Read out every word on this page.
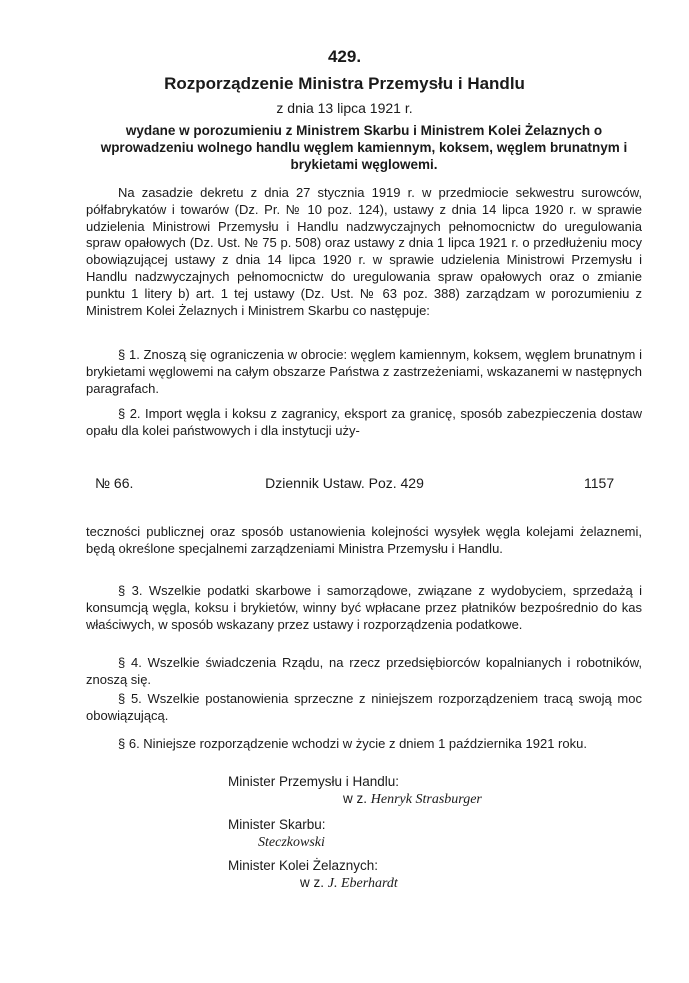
429.
Rozporządzenie Ministra Przemysłu i Handlu
z dnia 13 lipca 1921 r.
wydane w porozumieniu z Ministrem Skarbu i Ministrem Kolei Żelaznych o wprowadzeniu wolnego handlu węglem kamiennym, koksem, węglem brunatnym i brykietami węglowemi.

Na zasadzie dekretu z dnia 27 stycznia 1919 r. w przedmiocie sekwestru surowców, półfabrykatów i towarów (Dz. Pr. № 10 poz. 124), ustawy z dnia 14 lipca 1920 r. w sprawie udzielenia Ministrowi Przemysłu i Handlu nadzwyczajnych pełnomocnictw do uregulowania spraw opałowych (Dz. Ust. № 75 p. 508) oraz ustawy z dnia 1 lipca 1921 r. o przedłużeniu mocy obowiązującej ustawy z dnia 14 lipca 1920 r. w sprawie udzielenia Ministrowi Przemysłu i Handlu nadzwyczajnych pełnomocnictw do uregulowania spraw opałowych oraz o zmianie punktu 1 litery b) art. 1 tej ustawy (Dz. Ust. № 63 poz. 388) zarządzam w porozumieniu z Ministrem Kolei Żelaznych i Ministrem Skarbu co następuje:

§ 1. Znoszą się ograniczenia w obrocie: węglem kamiennym, koksem, węglem brunatnym i brykietami węglowemi na całym obszarze Państwa z zastrzeżeniami, wskazanemi w następnych paragrafach.

§ 2. Import węgla i koksu z zagranicy, eksport za granicę, sposób zabezpieczenia dostaw opału dla kolei państwowych i dla instytucji uży-

№ 66.	Dziennik Ustaw. Poz. 429	1157

teczności publicznej oraz sposób ustanowienia kolejności wysyłek węgla kolejami żelaznemi, będą określone specjalnemi zarządzeniami Ministra Przemysłu i Handlu.

§ 3. Wszelkie podatki skarbowe i samorządowe, związane z wydobyciem, sprzedażą i konsumcją węgla, koksu i brykietów, winny być wpłacane przez płatników bezpośrednio do kas właściwych, w sposób wskazany przez ustawy i rozporządzenia podatkowe.

§ 4. Wszelkie świadczenia Rządu, na rzecz przedsiębiorców kopalnianych i robotników, znoszą się.

§ 5. Wszelkie postanowienia sprzeczne z niniejszem rozporządzeniem tracą swoją moc obowiązującą.

§ 6. Niniejsze rozporządzenie wchodzi w życie z dniem 1 października 1921 roku.

Minister Przemysłu i Handlu:
w z. Henryk Strasburger
Minister Skarbu:
Steczkowski
Minister Kolei Żelaznych:
w z. J. Eberhardt
